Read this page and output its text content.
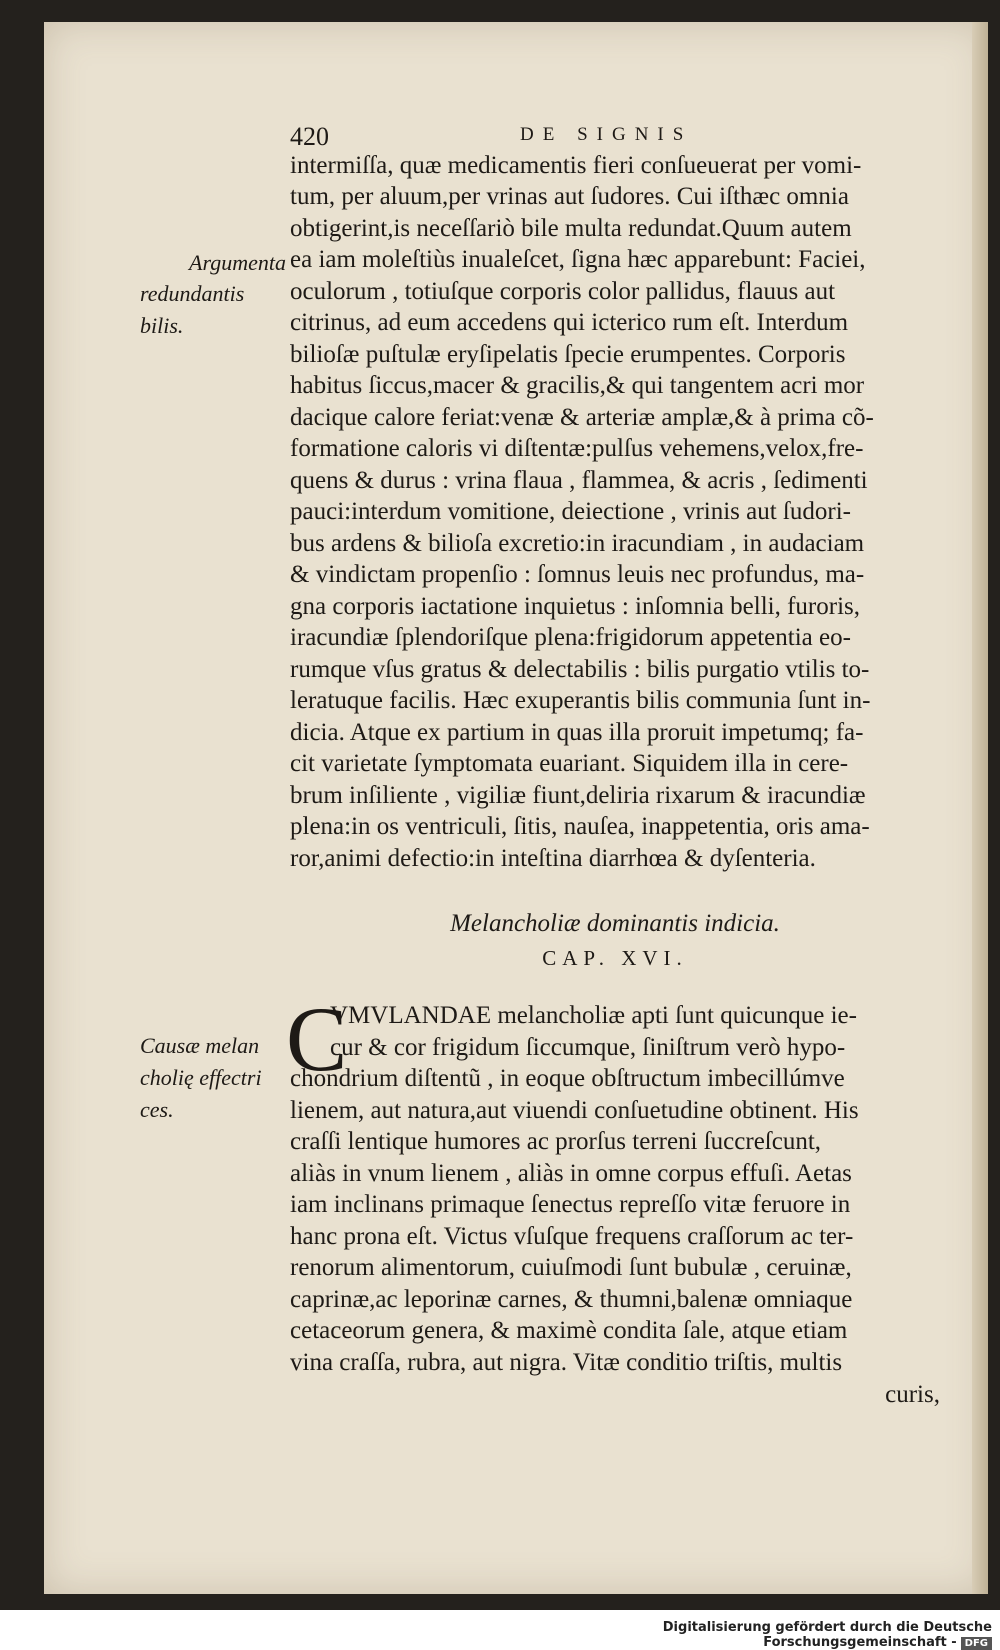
420	DE SIGNIS
Argumenta
redundantis
bilis.
intermiſſa, quæ medicamentis fieri conſueuerat per vomi-
tum, per aluum,per vrinas aut ſudores. Cui iſthæc omnia
obtigerint,is neceſſariò bile multa redundat.Quum autem
ea iam moleſtiùs inualeſcet, ſigna hæc apparebunt: Faciei,
oculorum , totiuſque corporis color pallidus, flauus aut
citrinus, ad eum accedens qui icterico rum eſt. Interdum
bilioſæ puſtulæ eryſipelatis ſpecie erumpentes. Corporis
habitus ſiccus,macer & gracilis,& qui tangentem acri mor
dacique calore feriat:venæ & arteriæ amplæ,& à prima cõ-
formatione caloris vi diſtentæ:pulſus vehemens,velox,fre-
quens & durus : vrina flaua , flammea, & acris , ſedimenti
pauci:interdum vomitione, deiectione , vrinis aut ſudori-
bus ardens & bilioſa excretio:in iracundiam , in audaciam
& vindictam propenſio : ſomnus leuis nec profundus, ma-
gna corporis iactatione inquietus : inſomnia belli, furoris,
iracundiæ ſplendoriſque plena:frigidorum appetentia eo-
rumque vſus gratus & delectabilis : bilis purgatio vtilis to-
leratuque facilis. Hæc exuperantis bilis communia ſunt in-
dicia. Atque ex partium in quas illa proruit impetumq; fa-
cit varietate ſymptomata euariant. Siquidem illa in cere-
brum inſiliente , vigiliæ fiunt,deliria rixarum & iracundiæ
plena:in os ventriculi, ſitis, nauſea, inappetentia, oris ama-
ror,animi defectio:in inteſtina diarrhœa & dyſenteria.
Melancholiæ dominantis indicia.
CAP. XVI.
Causæ melan
cholię effectri
ces.
C
VMVLANDAE melancholiæ apti ſunt quicunque ie-
cur & cor frigidum ſiccumque, ſiniſtrum verò hypo-
chondrium diſtentũ , in eoque obſtructum imbecillúmve
lienem, aut natura,aut viuendi conſuetudine obtinent. His
craſſi lentique humores ac prorſus terreni ſuccreſcunt,
aliàs in vnum lienem , aliàs in omne corpus effuſi. Aetas
iam inclinans primaque ſenectus repreſſo vitæ feruore in
hanc prona eſt. Victus vſuſque frequens craſſorum ac ter-
renorum alimentorum, cuiuſmodi ſunt bubulæ , ceruinæ,
caprinæ,ac leporinæ carnes, & thumni,balenæ omniaque
cetaceorum genera, & maximè condita ſale, atque etiam
vina craſſa, rubra, aut nigra. Vitæ conditio triſtis, multis
curis,
Digitalisierung gefördert durch die Deutsche Forschungsgemeinschaft - DFG
